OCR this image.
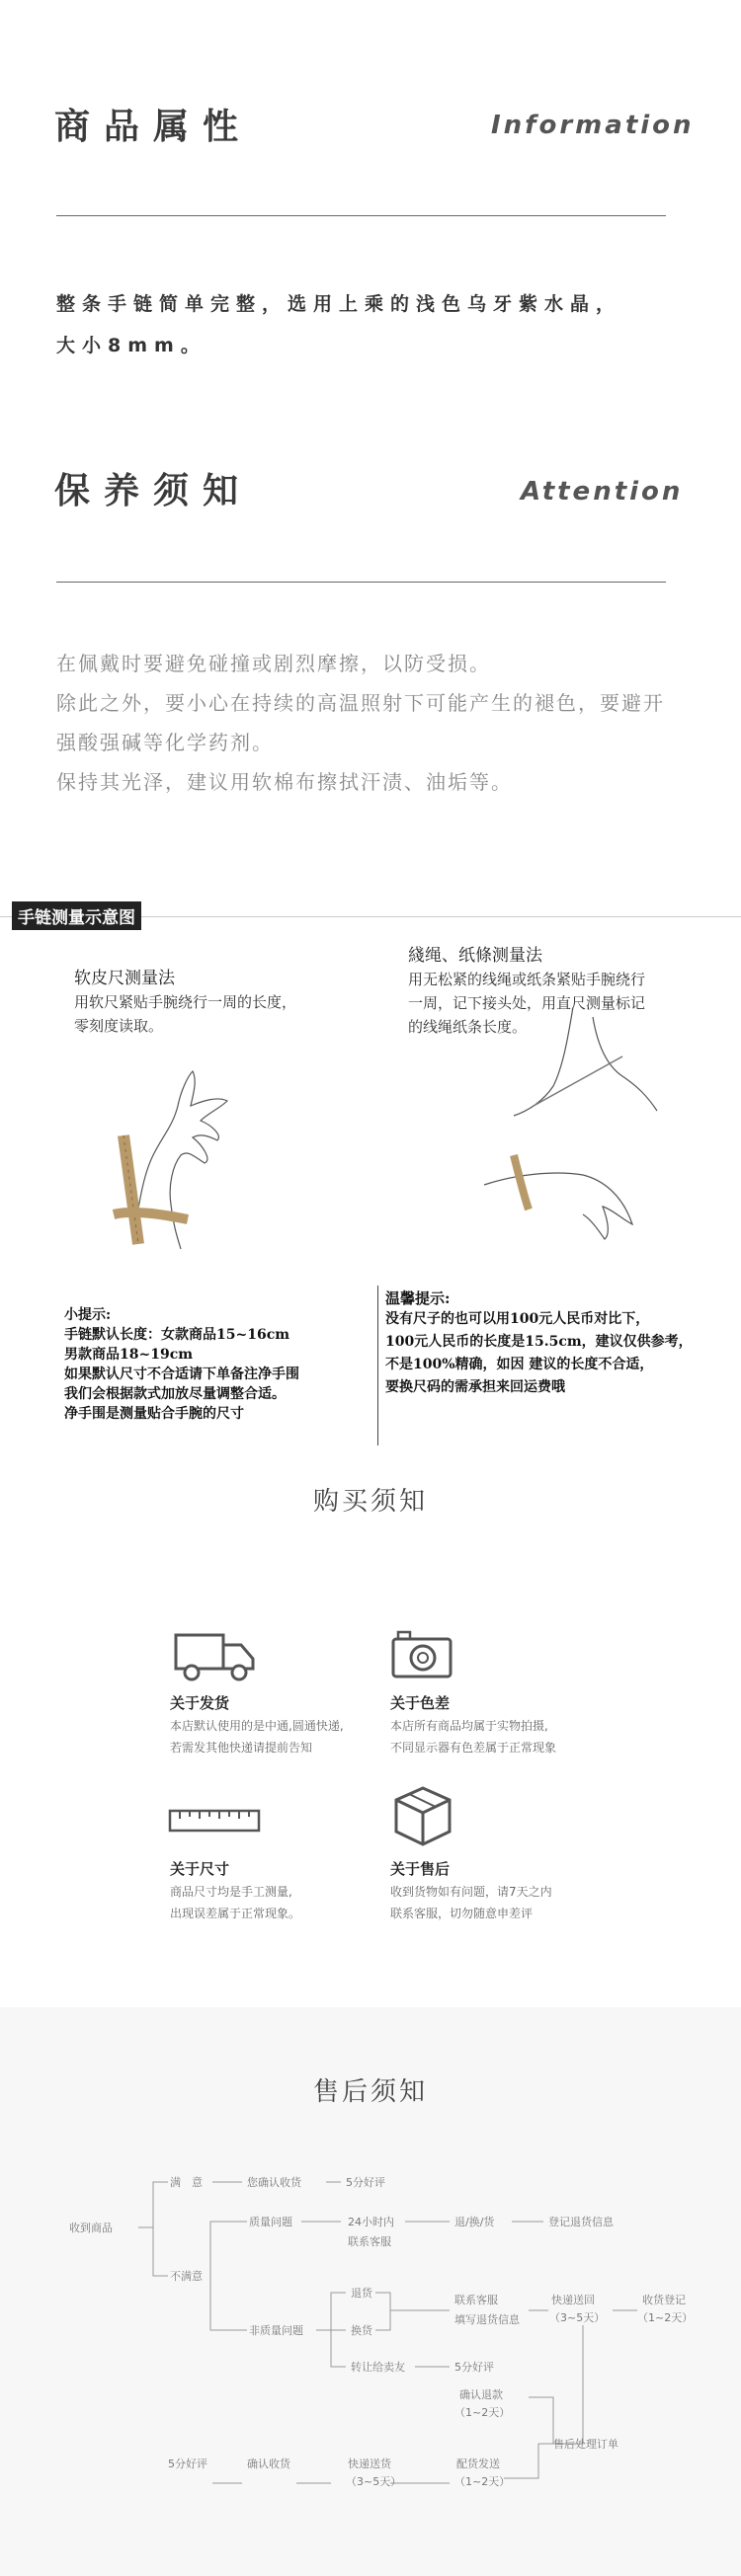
商品属性	Information
整条手链简单完整，选用上乘的浅色乌牙紫水晶，
大小8mm。
保养须知	Attention
在佩戴时要避免碰撞或剧烈摩擦，以防受损。
除此之外，要小心在持续的高温照射下可能产生的褪色，要避开
强酸强碱等化学药剂。
保持其光泽，建议用软棉布擦拭汗渍、油垢等。
手链测量示意图
软皮尺测量法
用软尺紧贴手腕绕行一周的长度，
零刻度读取。
綫绳、纸條测量法
用无松紧的线绳或纸条紧贴手腕绕行
一周，记下接头处，用直尺测量标记
的线绳纸条长度。
小提示:
手链默认长度：女款商品15~16cm
男款商品18~19cm
如果默认尺寸不合适请下单备注净手围
我们会根据款式加放尽量调整合适。
净手围是测量贴合手腕的尺寸
温馨提示:
没有尺子的也可以用100元人民币对比下，
100元人民币的长度是15.5cm，建议仅供参考，
不是100%精确，如因 建议的长度不合适，
要换尺码的需承担来回运费哦
购买须知
关于发货
本店默认使用的是中通,圆通快递,
若需发其他快递请提前告知
关于色差
本店所有商品均属于实物拍摄,
不同显示器有色差属于正常现象
关于尺寸
商品尺寸均是手工测量,
出现误差属于正常现象。
关于售后
收到货物如有问题，请7天之内
联系客服，切勿随意申差评
售后须知
收到商品
满　意	您确认收货	5分好评
不满意
质量问题	24小时内
联系客服
退/换/货	登记退货信息
非质量问题
退货
换货
转让给卖友	5分好评
联系客服
填写退货信息
快递送回
（3~5天）
收货登记
（1~2天）
确认退款
（1~2天）
售后处理订单
配货发送
（1~2天）
快递送货
（3~5天）
确认收货
5分好评
